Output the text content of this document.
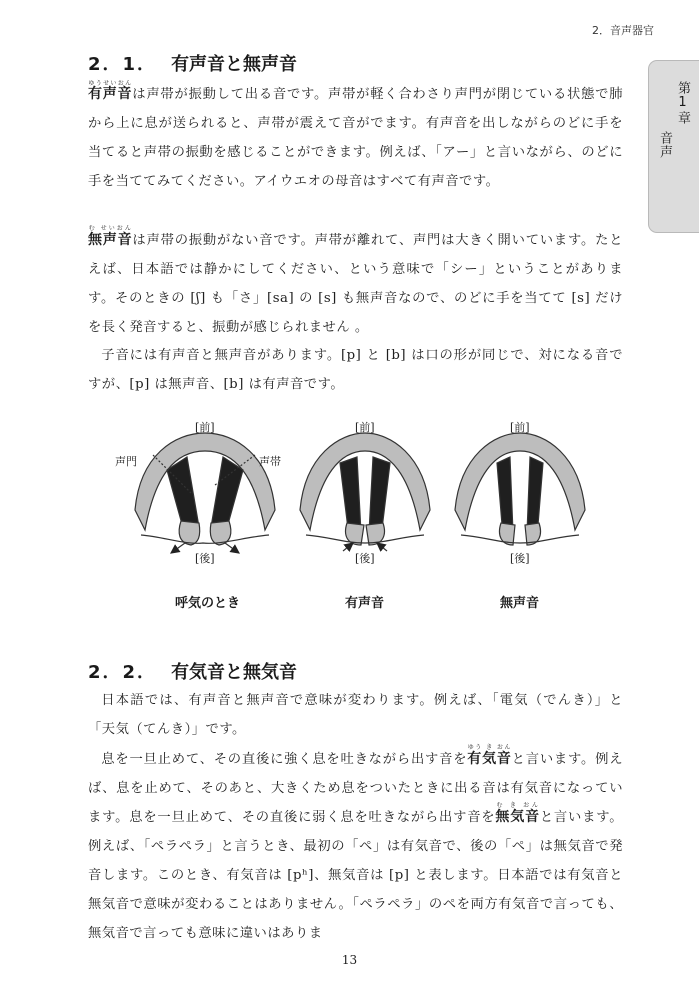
2．音声器官
第1章
音声
2．1． 有声音と無声音

有声音ゆうせいおんは声帯が振動して出る音です。声帯が軽く合わさり声門が閉じている状態で肺から上に息が送られると、声帯が震えて音がでます。有声音を出しながらのどに手を当てると声帯の振動を感じることができます。例えば、「アー」と言いながら、のどに手を当ててみてください。アイウエオの母音はすべて有声音です。

無声音む せいおんは声帯の振動がない音です。声帯が離れて、声門は大きく開いています。たとえば、日本語では静かにしてください、という意味で「シー」ということがあります。そのときの [ʃ] も「さ」[sa] の [s] も無声音なので、のどに手を当てて [s] だけを長く発音すると、振動が感じられません 。

子音には有声音と無声音があります。[p] と [b] は口の形が同じで、対になる音ですが、[p] は無声音、[b] は有声音です。

[前]	[前]	[前]
声門	声帯
[後]	[後]	[後]
呼気のとき	有声音	無声音
2．2． 有気音と無気音

日本語では、有声音と無声音で意味が変わります。例えば、「電気（でんき）」と「天気（てんき）」です。

息を一旦止めて、その直後に強く息を吐きながら出す音を有気音ゆう き おんと言います。例えば、息を止めて、そのあと、大きくため息をついたときに出る音は有気音になっています。息を一旦止めて、その直後に弱く息を吐きながら出す音を無気音む き おんと言います。例えば、「ペラペラ」と言うとき、最初の「ペ」は有気音で、後の「ペ」は無気音で発音します。このとき、有気音は [pʰ]、無気音は [p] と表します。日本語では有気音と無気音で意味が変わることはありません。「ペラペラ」のペを両方有気音で言っても、無気音で言っても意味に違いはありま

13
